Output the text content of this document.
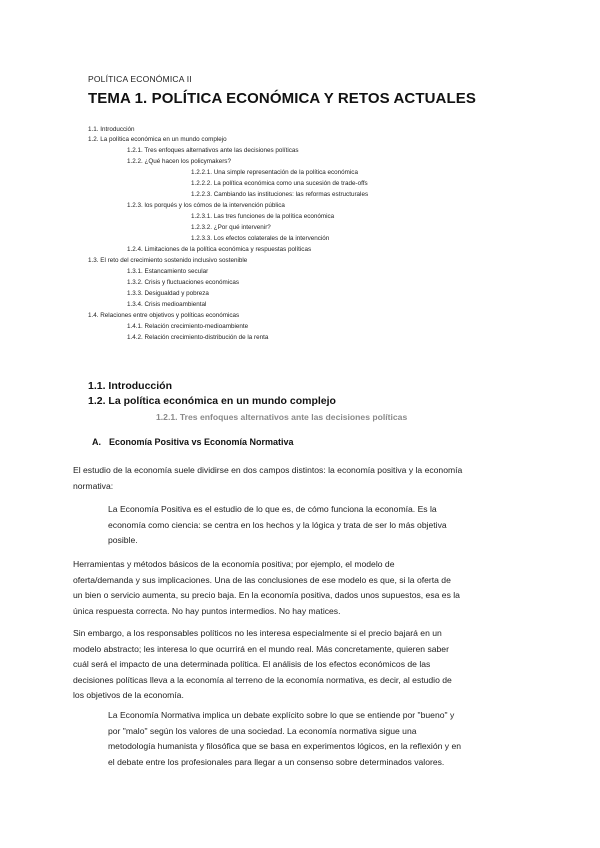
POLÍTICA ECONÓMICA II
TEMA 1. POLÍTICA ECONÓMICA Y RETOS ACTUALES
1.1. Introducción
1.2. La política económica en un mundo complejo
1.2.1. Tres enfoques alternativos ante las decisiones políticas
1.2.2. ¿Qué hacen los policymakers?
1.2.2.1. Una simple representación de la política económica
1.2.2.2. La política económica como una sucesión de trade-offs
1.2.2.3. Cambiando las instituciones: las reformas estructurales
1.2.3. los porqués y los cómos de la intervención pública
1.2.3.1. Las tres funciones de la política económica
1.2.3.2. ¿Por qué intervenir?
1.2.3.3. Los efectos colaterales de la intervención
1.2.4. Limitaciones de la política económica y respuestas políticas
1.3. El reto del crecimiento sostenido inclusivo sostenible
1.3.1. Estancamiento secular
1.3.2. Crisis y fluctuaciones económicas
1.3.3. Desigualdad y pobreza
1.3.4. Crisis medioambiental
1.4. Relaciones entre objetivos y políticas económicas
1.4.1. Relación crecimiento-medioambiente
1.4.2. Relación crecimiento-distribución de la renta
1.1. Introducción
1.2. La política económica en un mundo complejo
1.2.1. Tres enfoques alternativos ante las decisiones políticas
A. Economía Positiva vs Economía Normativa
El estudio de la economía suele dividirse en dos campos distintos: la economía positiva y la economía
normativa:
La Economía Positiva es el estudio de lo que es, de cómo funciona la economía. Es la
economía como ciencia: se centra en los hechos y la lógica y trata de ser lo más objetiva
posible.
Herramientas y métodos básicos de la economía positiva; por ejemplo, el modelo de
oferta/demanda y sus implicaciones. Una de las conclusiones de ese modelo es que, si la oferta de
un bien o servicio aumenta, su precio baja. En la economía positiva, dados unos supuestos, esa es la
única respuesta correcta. No hay puntos intermedios. No hay matices.
Sin embargo, a los responsables políticos no les interesa especialmente si el precio bajará en un
modelo abstracto; les interesa lo que ocurrirá en el mundo real. Más concretamente, quieren saber
cuál será el impacto de una determinada política. El análisis de los efectos económicos de las
decisiones políticas lleva a la economía al terreno de la economía normativa, es decir, al estudio de
los objetivos de la economía.
La Economía Normativa implica un debate explícito sobre lo que se entiende por "bueno" y
por "malo" según los valores de una sociedad. La economía normativa sigue una
metodología humanista y filosófica que se basa en experimentos lógicos, en la reflexión y en
el debate entre los profesionales para llegar a un consenso sobre determinados valores.
